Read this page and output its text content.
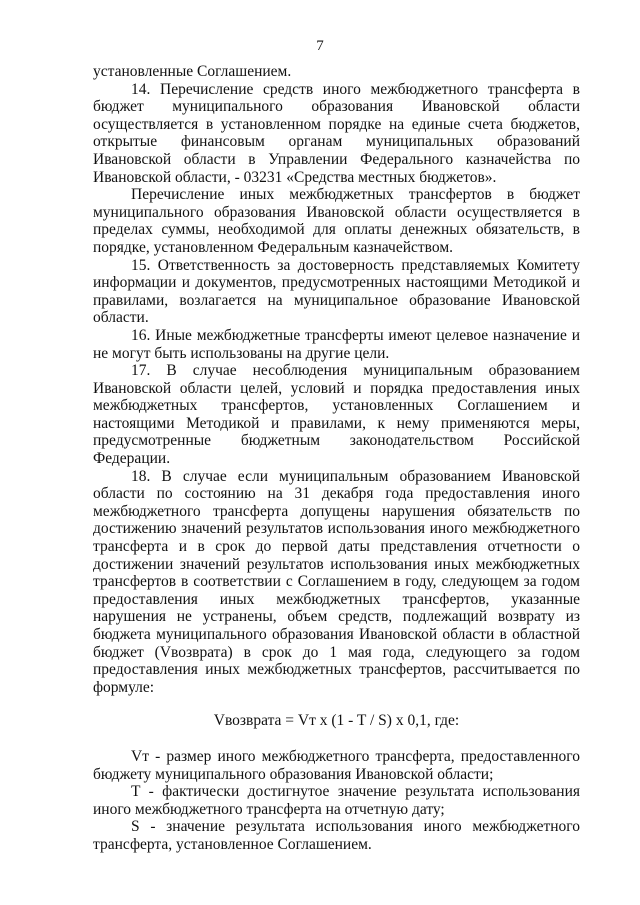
7

установленные Соглашением.

14. Перечисление средств иного межбюджетного трансферта в бюджет муниципального образования Ивановской области осуществляется в установленном порядке на единые счета бюджетов, открытые финансовым органам муниципальных образований Ивановской области в Управлении Федерального казначейства по Ивановской области, - 03231 «Средства местных бюджетов».

Перечисление иных межбюджетных трансфертов в бюджет муниципального образования Ивановской области осуществляется в пределах суммы, необходимой для оплаты денежных обязательств, в порядке, установленном Федеральным казначейством.

15. Ответственность за достоверность представляемых Комитету информации и документов, предусмотренных настоящими Методикой и правилами, возлагается на муниципальное образование Ивановской области.

16. Иные межбюджетные трансферты имеют целевое назначение и не могут быть использованы на другие цели.

17. В случае несоблюдения муниципальным образованием Ивановской области целей, условий и порядка предоставления иных межбюджетных трансфертов, установленных Соглашением и настоящими Методикой и правилами, к нему применяются меры, предусмотренные бюджетным законодательством Российской Федерации.

18. В случае если муниципальным образованием Ивановской области по состоянию на 31 декабря года предоставления иного межбюджетного трансферта допущены нарушения обязательств по достижению значений результатов использования иного межбюджетного трансферта и в срок до первой даты представления отчетности о достижении значений результатов использования иных межбюджетных трансфертов в соответствии с Соглашением в году, следующем за годом предоставления иных межбюджетных трансфертов, указанные нарушения не устранены, объем средств, подлежащий возврату из бюджета муниципального образования Ивановской области в областной бюджет (Vвозврата) в срок до 1 мая года, следующего за годом предоставления иных межбюджетных трансфертов, рассчитывается по формуле:

Vвозврата = Vт x (1 - T / S) x 0,1, где:

Vт - размер иного межбюджетного трансферта, предоставленного бюджету муниципального образования Ивановской области;

T - фактически достигнутое значение результата использования иного межбюджетного трансферта на отчетную дату;

S - значение результата использования иного межбюджетного трансферта, установленное Соглашением.
